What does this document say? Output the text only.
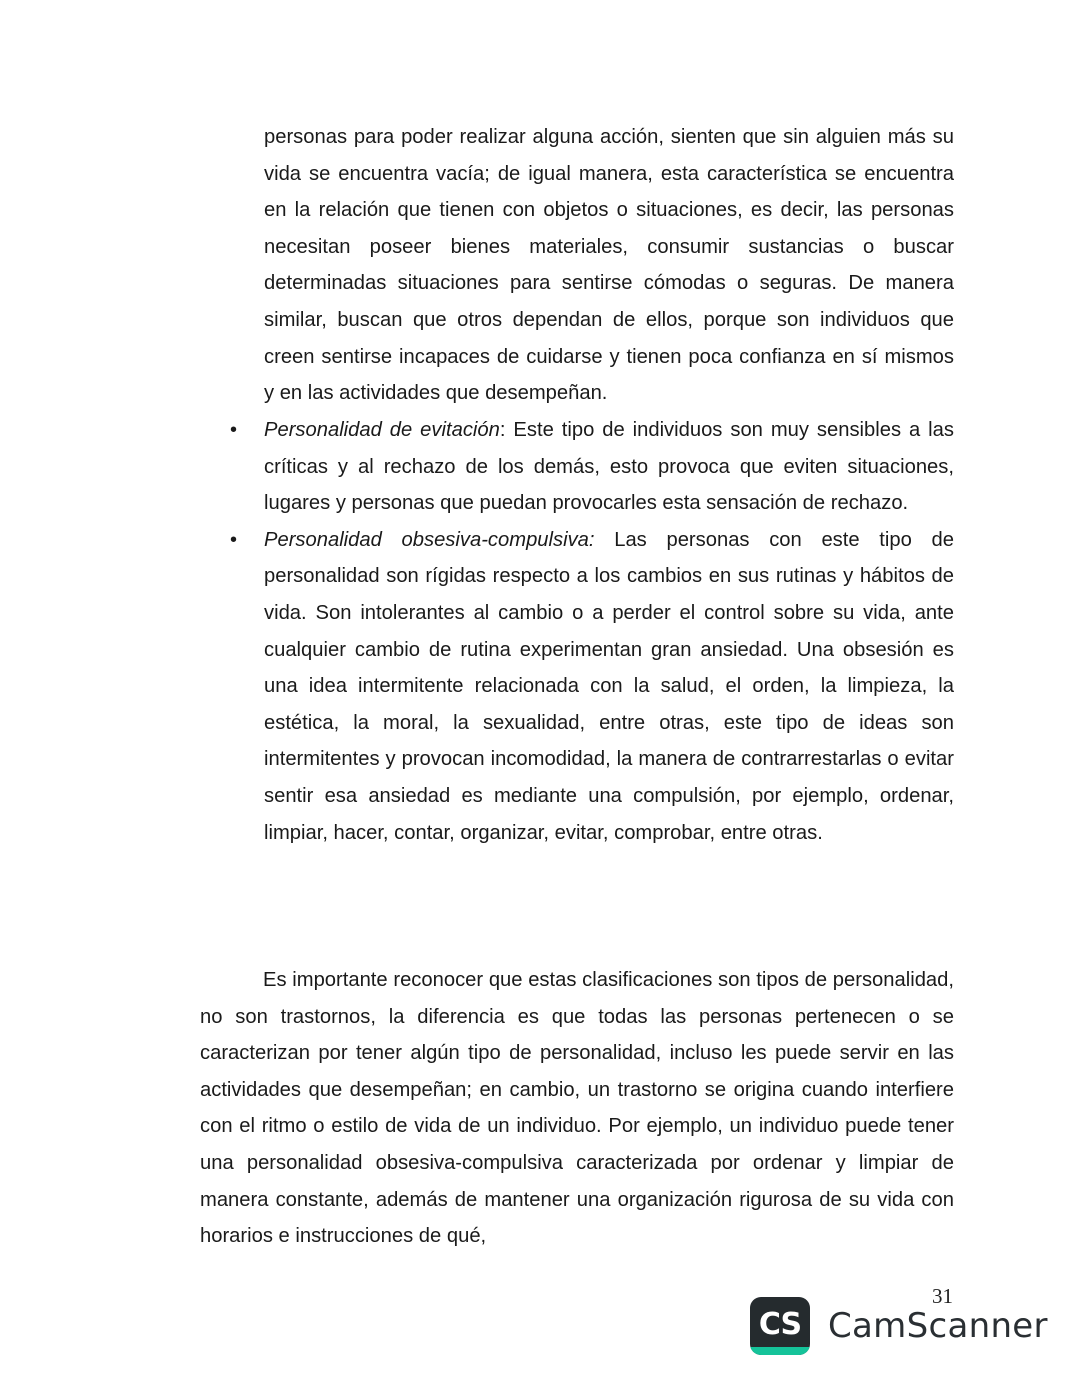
personas para poder realizar alguna acción, sienten que sin alguien más su vida se encuentra vacía; de igual manera, esta característica se encuentra en la relación que tienen con objetos o situaciones, es decir, las personas necesitan poseer bienes materiales, consumir sustancias o buscar determinadas situaciones para sentirse cómodas o seguras. De manera similar, buscan que otros dependan de ellos, porque son individuos que creen sentirse incapaces de cuidarse y tienen poca confianza en sí mismos y en las actividades que desempeñan.

• Personalidad de evitación: Este tipo de individuos son muy sensibles a las críticas y al rechazo de los demás, esto provoca que eviten situaciones, lugares y personas que puedan provocarles esta sensación de rechazo.
• Personalidad obsesiva-compulsiva: Las personas con este tipo de personalidad son rígidas respecto a los cambios en sus rutinas y hábitos de vida. Son intolerantes al cambio o a perder el control sobre su vida, ante cualquier cambio de rutina experimentan gran ansiedad. Una obsesión es una idea intermitente relacionada con la salud, el orden, la limpieza, la estética, la moral, la sexualidad, entre otras, este tipo de ideas son intermitentes y provocan incomodidad, la manera de contrarrestarlas o evitar sentir esa ansiedad es mediante una compulsión, por ejemplo, ordenar, limpiar, hacer, contar, organizar, evitar, comprobar, entre otras.

Es importante reconocer que estas clasificaciones son tipos de personalidad, no son trastornos, la diferencia es que todas las personas pertenecen o se caracterizan por tener algún tipo de personalidad, incluso les puede servir en las actividades que desempeñan; en cambio, un trastorno se origina cuando interfiere con el ritmo o estilo de vida de un individuo. Por ejemplo, un individuo puede tener una personalidad obsesiva-compulsiva caracterizada por ordenar y limpiar de manera constante, además de mantener una organización rigurosa de su vida con horarios e instrucciones de qué,

31
CS CamScanner
